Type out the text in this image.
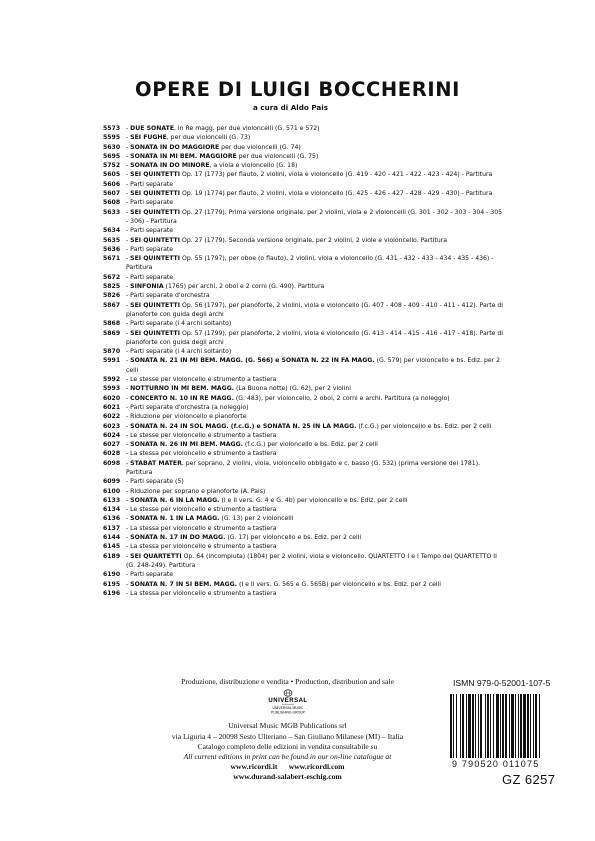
OPERE DI LUIGI BOCCHERINI

a cura di Aldo Pais

5573 - DUE SONATE, in Re magg. per due violoncelli (G. 571 e 572)
5595 - SEI FUGHE, per due violoncelli (G. 73)
5630 - SONATA IN DO MAGGIORE per due violoncelli (G. 74)
5695 - SONATA IN MI BEM. MAGGIORE per due violoncelli (G. 75)
5752 - SONATA IN DO MINORE, a viola e violoncello (G. 18)
5605 - SEI QUINTETTI Op. 17 (1773) per flauto, 2 violini, viola e violoncello (G. 419 - 420 - 421 - 422 - 423 - 424) - Partitura
5606 - Parti separate
5607 - SEI QUINTETTI Op. 19 (1774) per flauto, 2 violini, viola e violoncello (G. 425 - 426 - 427 - 428 - 429 - 430) - Partitura
5608 - Parti separate
5633 - SEI QUINTETTI Op. 27 (1779). Prima versione originale, per 2 violini, viola e 2 violoncelli (G. 301 - 302 - 303 - 304 - 305 - 306) - Partitura
5634 - Parti separate
5635 - SEI QUINTETTI Op. 27 (1779). Seconda versione originale, per 2 violini, 2 viole e violoncello. Partitura
5636 - Parti separate
5671 - SEI QUINTETTI Op. 55 (1797), per oboe (o flauto), 2 violini, viola e violoncello (G. 431 - 432 - 433 - 434 - 435 - 436) - Partitura
5672 - Parti separate
5825 - SINFONIA (1765) per archi, 2 oboi e 2 corni (G. 490). Partitura
5826 - Parti separate d'orchestra
5867 - SEI QUINTETTI Op. 56 (1797), per pianoforte, 2 violini, viola e violoncello (G. 407 - 408 - 409 - 410 - 411 - 412). Parte di pianoforte con guida degli archi
5868 - Parti separate (i 4 archi soltanto)
5869 - SEI QUINTETTI Op. 57 (1799), per pianoforte, 2 violini, viola e violoncello (G. 413 - 414 - 415 - 416 - 417 - 418). Parte di pianoforte con guida degli archi
5870 - Parti separate (i 4 archi soltanto)
5991 - SONATA N. 21 IN MI BEM. MAGG. (G. 566) e SONATA N. 22 IN FA MAGG. (G. 579) per violoncello e bs. Ediz. per 2 celli
5992 - Le stesse per violoncello e strumento a tastiera
5993 - NOTTURNO IN MI BEM. MAGG. (La Buona notte) (G. 62), per 2 violini
6020 - CONCERTO N. 10 IN RE MAGG. (G. 483), per violoncello, 2 oboi, 2 corni e archi. Partitura (a noleggio)
6021 - Parti separate d'orchestra (a noleggio)
6022 - Riduzione per violoncello e pianoforte
6023 - SONATA N. 24 IN SOL MAGG. (f.c.G.) e SONATA N. 25 IN LA MAGG. (f.c.G.) per violoncello e bs. Ediz. per 2 celli
6024 - Le stesse per violoncello e strumento a tastiera
6027 - SONATA N. 26 IN MI BEM. MAGG. (f.c.G.) per violoncello e bs. Ediz. per 2 celli
6028 - La stessa per violoncello e strumento a tastiera
6098 - STABAT MATER, per soprano, 2 violini, viola, violoncello obbligato e c. basso (G. 532) (prima versione del 1781). Partitura
6099 - Parti separate (5)
6100 - Riduzione per soprano e pianoforte (A. Pais)
6133 - SONATA N. 6 IN LA MAGG. (I e II vers. G. 4 e G. 4b) per violoncello e bs. Ediz. per 2 celli
6134 - Le stesse per violoncello e strumento a tastiera
6136 - SONATA N. 1 IN LA MAGG. (G. 13) per 2 violoncelli
6137 - La stessa per violoncello e strumento a tastiera
6144 - SONATA N. 17 IN DO MAGG. (G. 17) per violoncello e bs. Ediz. per 2 celli
6145 - La stessa per violoncello e strumento a tastiera
6189 - SEI QUARTETTI Op. 64 (incompiuta) (1804) per 2 violini, viola e violoncello. QUARTETTO I e I Tempo del QUARTETTO II (G. 248-249). Partitura
6190 - Parti separate
6195 - SONATA N. 7 IN SI BEM. MAGG. (I e II vers. G. 565 e G. 565B) per violoncello e bs. Ediz. per 2 celli
6196 - La stessa per violoncello e strumento a tastiera

Produzione, distribuzione e vendita • Production, distribution and sale

UNIVERSAL
UNIVERSAL MUSIC
PUBLISHING GROUP

Universal Music MGB Publications srl

via Liguria 4 – 20098 Sesto Ulteriano – San Giuliano Milanese (MI) – Italia

Catalogo completo delle edizioni in vendita consultabile su

All current editions in print can be found in our on-line catalogue at

www.ricordi.it www.ricordi.com

www.durand-salabert-eschig.com

ISMN 979-0-52001-107-5
9 790520 011075
GZ 6257
